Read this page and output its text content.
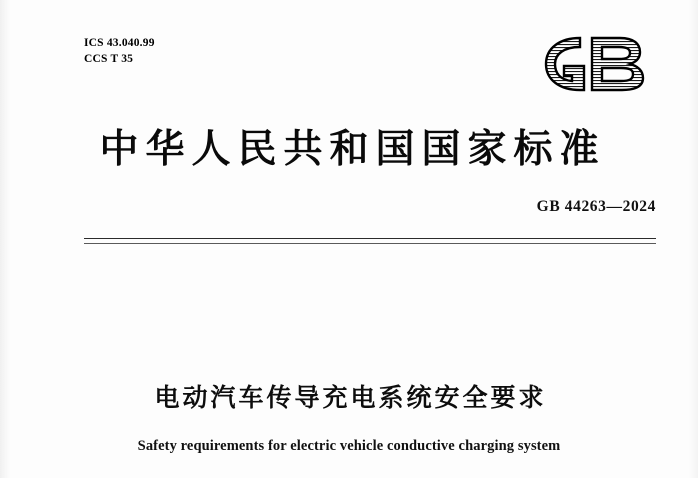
ICS 43.040.99
CCS T 35
中华人民共和国国家标准
GB 44263—2024
电动汽车传导充电系统安全要求
Safety requirements for electric vehicle conductive charging system
